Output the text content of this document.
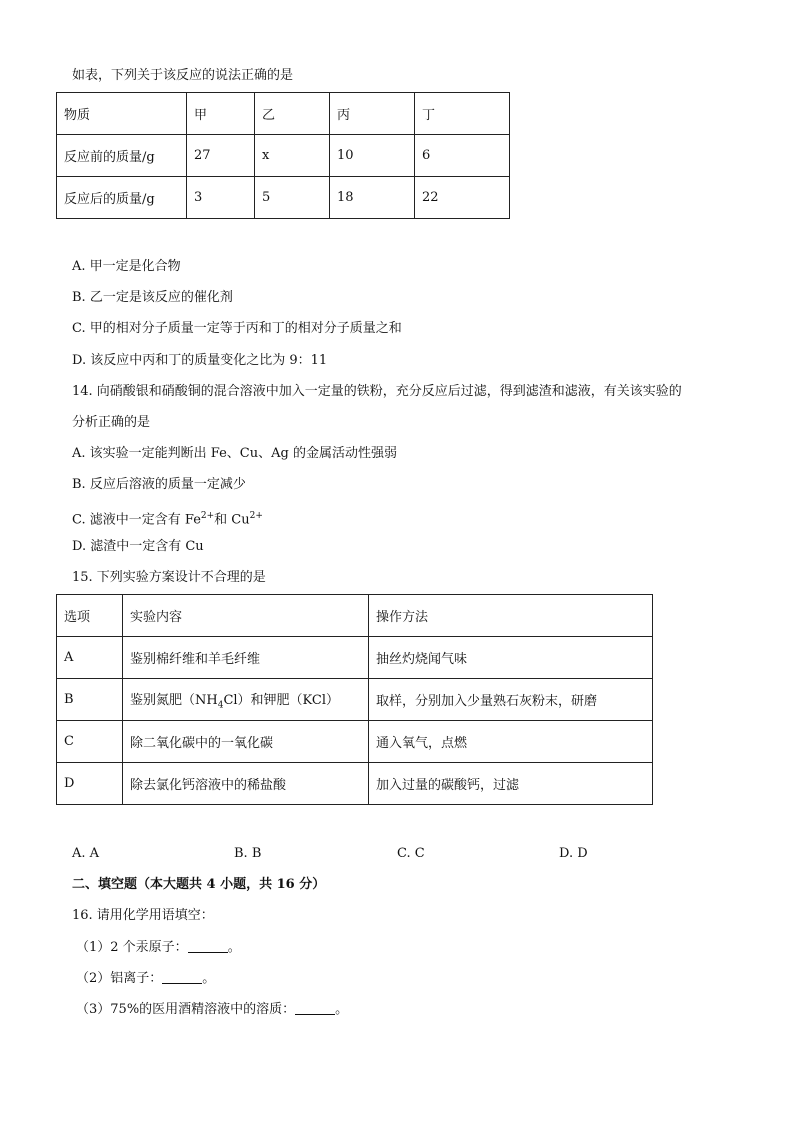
如表，下列关于该反应的说法正确的是
物质	甲	乙	丙	丁
反应前的质量/g	27	x	10	6
反应后的质量/g	3	5	18	22
A. 甲一定是化合物
B. 乙一定是该反应的催化剂
C. 甲的相对分子质量一定等于丙和丁的相对分子质量之和
D. 该反应中丙和丁的质量变化之比为 9：11
14. 向硝酸银和硝酸铜的混合溶液中加入一定量的铁粉，充分反应后过滤，得到滤渣和滤液，有关该实验的
分析正确的是
A. 该实验一定能判断出 Fe、Cu、Ag 的金属活动性强弱
B. 反应后溶液的质量一定减少
C. 滤液中一定含有 $Fe^{2+}$和 $Cu^{2+}$
D. 滤渣中一定含有 Cu
15. 下列实验方案设计不合理的是
选项	实验内容	操作方法
A	鉴别棉纤维和羊毛纤维	抽丝灼烧闻气味
B	鉴别氮肥$(NH_4Cl)$和钾肥（KCl）	取样，分别加入少量熟石灰粉末，研磨
C	除二氧化碳中的一氧化碳	通入氧气，点燃
D	除去氯化钙溶液中的稀盐酸	加入过量的碳酸钙，过滤
A. A	B. B	C. C	D. D
二、填空题（本大题共 4 小题，共 16 分）
16. 请用化学用语填空：
（1）2 个汞原子：	。
（2）铝离子：	。
（3）75%的医用酒精溶液中的溶质：	。
